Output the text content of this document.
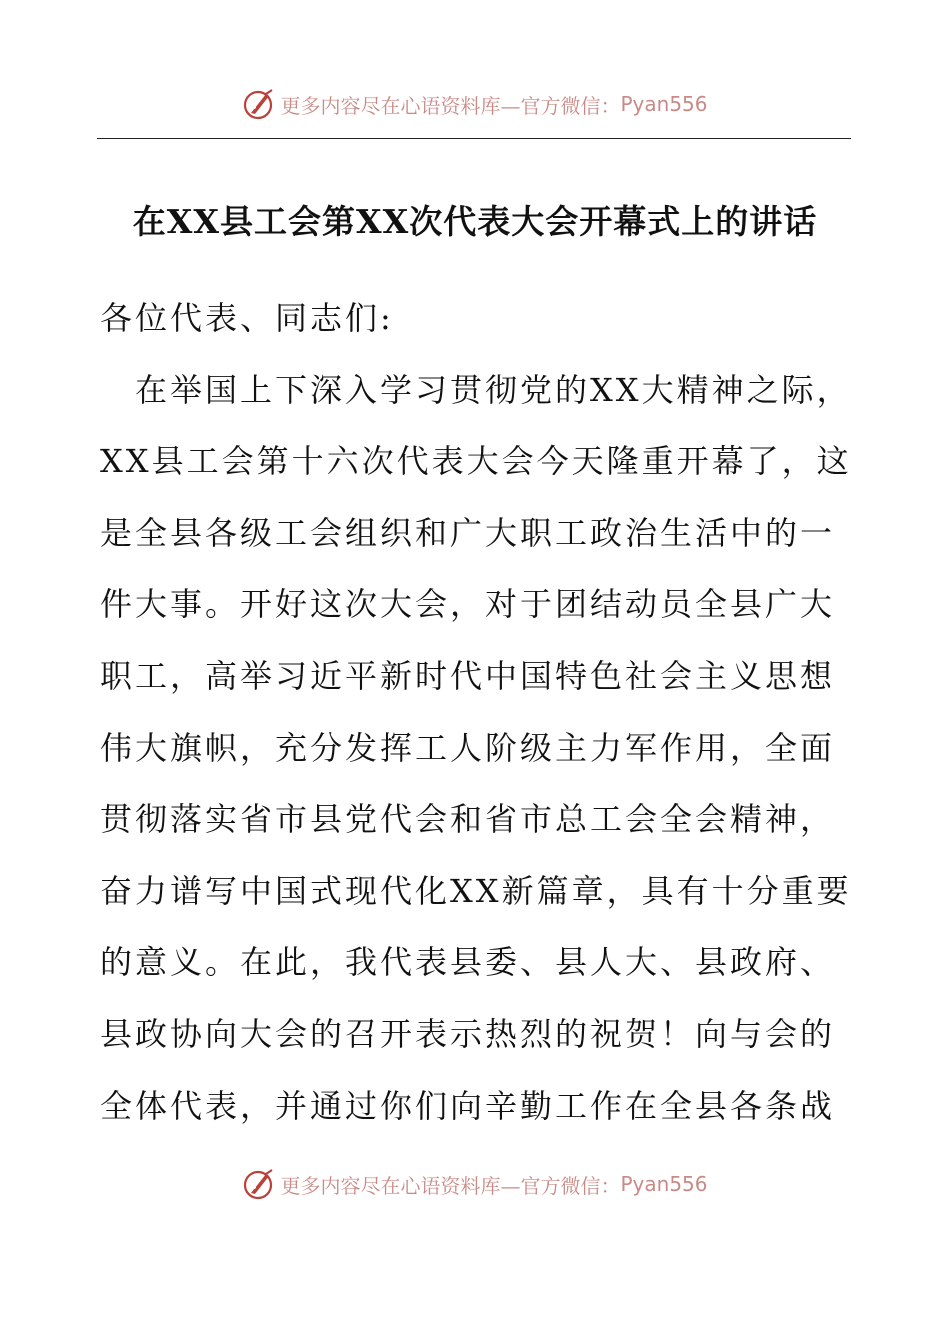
更多内容尽在心语资料库—官方微信： Pyan556
在XX县工会第XX次代表大会开幕式上的讲话
各位代表、同志们:
　在举国上下深入学习贯彻党的XX大精神之际，
XX县工会第十六次代表大会今天隆重开幕了，这
是全县各级工会组织和广大职工政治生活中的一
件大事。开好这次大会，对于团结动员全县广大
职工，高举习近平新时代中国特色社会主义思想
伟大旗帜，充分发挥工人阶级主力军作用，全面
贯彻落实省市县党代会和省市总工会全会精神，
奋力谱写中国式现代化XX新篇章，具有十分重要
的意义。在此，我代表县委、县人大、县政府、
县政协向大会的召开表示热烈的祝贺！向与会的
全体代表，并通过你们向辛勤工作在全县各条战
更多内容尽在心语资料库—官方微信： Pyan556
